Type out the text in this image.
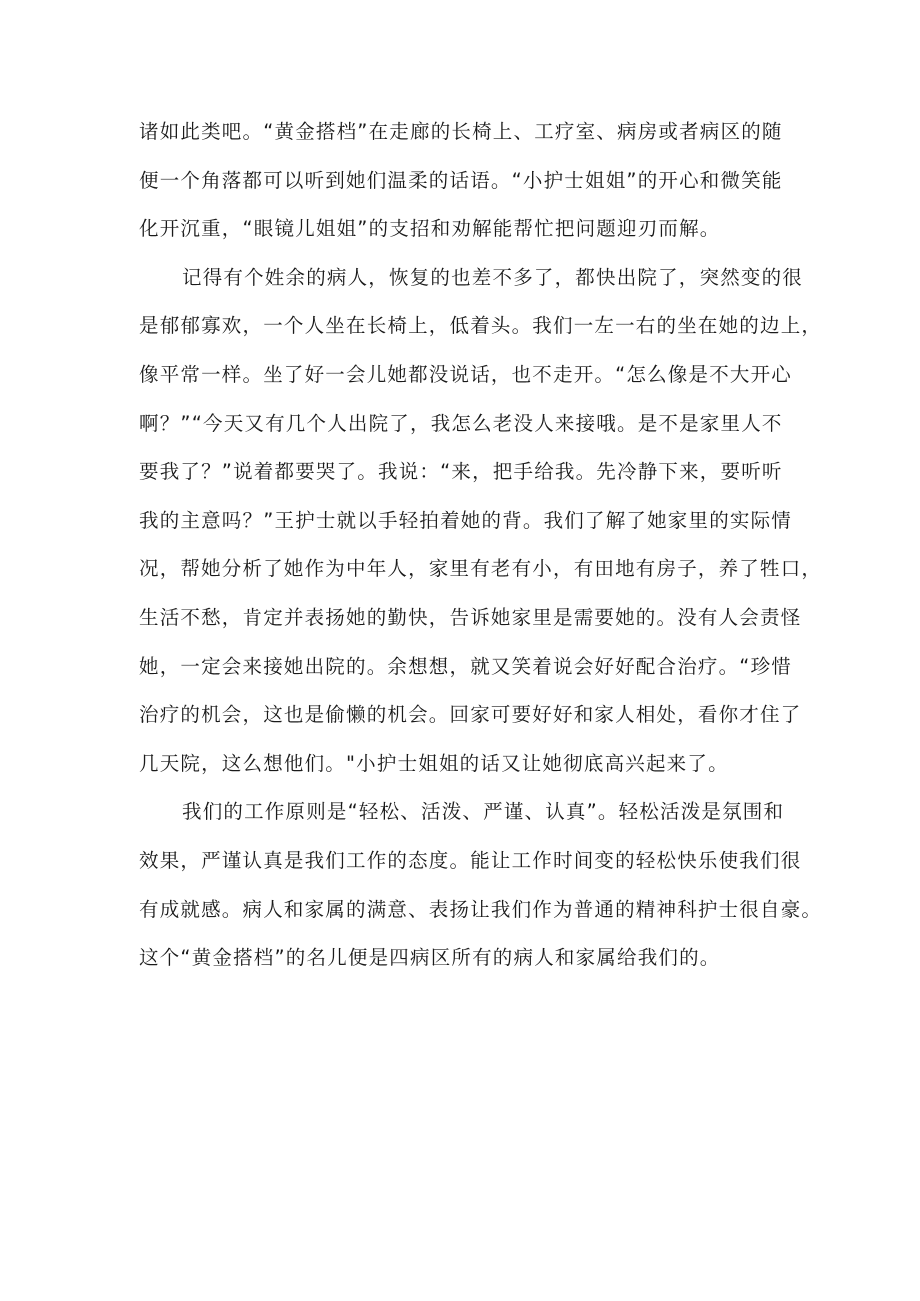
诸如此类吧。“黄金搭档”在走廊的长椅上、工疗室、病房或者病区的随
便一个角落都可以听到她们温柔的话语。“小护士姐姐”的开心和微笑能
化开沉重，“眼镜儿姐姐”的支招和劝解能帮忙把问题迎刃而解。

记得有个姓余的病人，恢复的也差不多了，都快出院了，突然变的很
是郁郁寡欢，一个人坐在长椅上，低着头。我们一左一右的坐在她的边上，
像平常一样。坐了好一会儿她都没说话，也不走开。“怎么像是不大开心
啊？”“今天又有几个人出院了，我怎么老没人来接哦。是不是家里人不
要我了？”说着都要哭了。我说：“来，把手给我。先冷静下来，要听听
我的主意吗？”王护士就以手轻拍着她的背。我们了解了她家里的实际情
况，帮她分析了她作为中年人，家里有老有小，有田地有房子，养了牲口，
生活不愁，肯定并表扬她的勤快，告诉她家里是需要她的。没有人会责怪
她，一定会来接她出院的。余想想，就又笑着说会好好配合治疗。“珍惜
治疗的机会，这也是偷懒的机会。回家可要好好和家人相处，看你才住了
几天院，这么想他们。"小护士姐姐的话又让她彻底高兴起来了。

我们的工作原则是“轻松、活泼、严谨、认真”。轻松活泼是氛围和
效果，严谨认真是我们工作的态度。能让工作时间变的轻松快乐使我们很
有成就感。病人和家属的满意、表扬让我们作为普通的精神科护士很自豪。
这个“黄金搭档”的名儿便是四病区所有的病人和家属给我们的。
